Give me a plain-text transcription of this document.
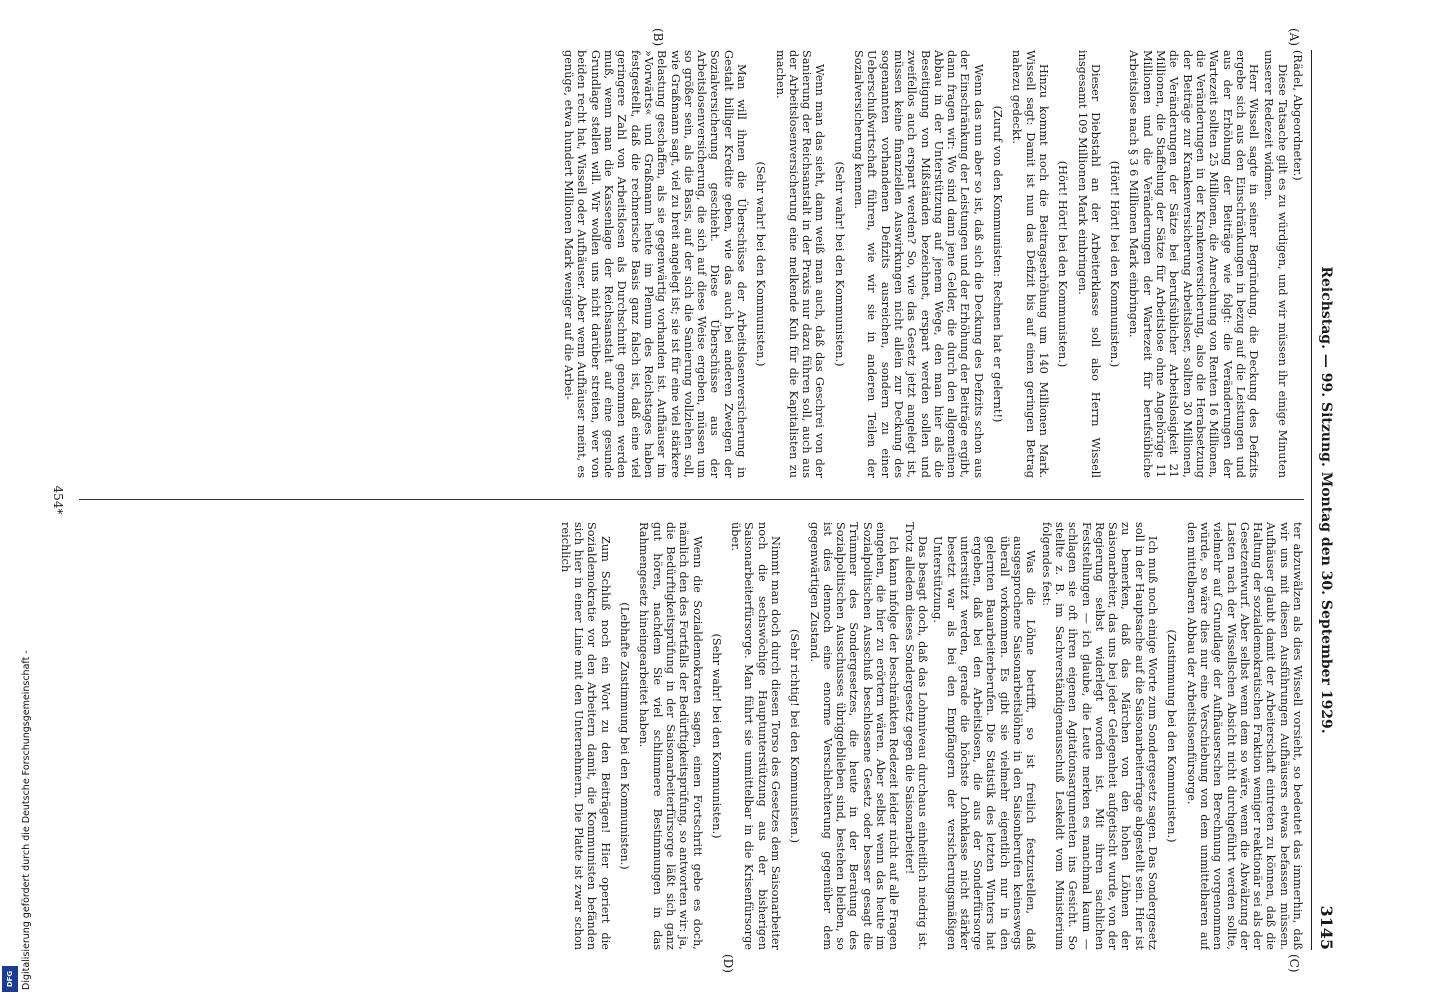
Reichstag. — 99. Sitzung. Montag den 30. September 1929.
3145
(A)
(B)
(C)
(D)

(Rädel, Abgeordneter.)

Diese Tatsache gilt es zu würdigen, und wir müssen ihr einige Minuten unserer Redezeit widmen.

Herr Wissell sagte in seiner Begründung, die Deckung des Defizits ergebe sich aus den Einschränkungen in bezug auf die Leistungen und aus der Erhöhung der Beiträge wie folgt: die Veränderungen der Wartezeit sollten 25 Millionen, die Anrechnung von Renten 16 Millionen, die Veränderungen in der Krankenversicherung, also die Herabsetzung der Beiträge zur Krankenversicherung Arbeitsloser, sollten 30 Millionen, die Veränderungen der Sätze bei berufsüblicher Arbeitslosigkeit 21 Millionen, die Staffelung der Sätze für Arbeitslose ohne Angehörige 11 Millionen und die Veränderungen der Wartezeit für berufsübliche Arbeitslose nach § 3 6 Millionen Mark einbringen.

(Hört! Hört! bei den Kommunisten.)

Dieser Diebstahl an der Arbeiterklasse soll also Herrn Wissell insgesamt 109 Millionen Mark einbringen.

(Hört! Hört! bei den Kommunisten.)

Hinzu kommt noch die Beitragserhöhung um 140 Millionen Mark. Wissell sagt: Damit ist nun das Defizit bis auf einen geringen Betrag nahezu gedeckt.

(Zuruf von den Kommunisten: Rechnen hat er gelernt!)

Wenn das nun aber so ist, daß sich die Deckung des Defizits schon aus der Einschränkung der Leistungen und der Erhöhung der Beiträge ergibt, dann fragen wir: Wo sind dann jene Gelder, die durch den allgemeinen Abbau in der Unterstützung auf jenem Wege, den man hier als die Beseitigung von Mißständen bezeichnet, erspart werden sollen und zweifellos auch erspart werden? So, wie das Gesetz jetzt angelegt ist, müssen keine finanziellen Auswirkungen nicht allein zur Deckung des sogenannten vorhandenen Defizits ausreichen, sondern zu einer Ueberschußwirtschaft führen, wie wir sie in anderen Teilen der Sozialversicherung kennen.

(Sehr wahr! bei den Kommunisten.)

Wenn man das sieht, dann weiß man auch, daß das Geschrei von der Sanierung der Reichsanstalt in der Praxis nur dazu führen soll, auch aus der Arbeitslosenversicherung eine melkende Kuh für die Kapitalisten zu machen.

(Sehr wahr! bei den Kommunisten.)

Man will ihnen die Überschüsse der Arbeitslosenversicherung in Gestalt billiger Kredite geben, wie das auch bei anderen Zweigen der Sozialversicherung geschieht. Diese Überschüsse aus der Arbeitslosenversicherung, die sich auf diese Weise ergeben, müssen um so größer sein, als die Basis, auf der sich die Sanierung vollziehen soll, wie Graßmann sagt, viel zu breit angelegt ist; sie ist für eine viel stärkere Belastung geschaffen, als sie gegenwärtig vorhanden ist. Aufhäuser im »Vorwärts« und Graßmann heute im Plenum des Reichstages haben festgestellt, daß die rechnerische Basis ganz falsch ist, daß eine viel geringere Zahl von Arbeitslosen als Durchschnitt genommen werden muß, wenn man die Kassenlage der Reichsanstalt auf eine gesunde Grundlage stellen will. Wir wollen uns nicht darüber streiten, wer von beiden recht hat, Wissell oder Aufhäuser. Aber wenn Aufhäuser meint, es genüge, etwa hundert Millionen Mark weniger auf die Arbei-

ter abzuwälzen als dies Wissell vorsieht, so bedeutet das immerhin, daß wir uns mit diesen Ausführungen Aufhäusers etwas befassen müssen. Aufhäuser glaubt damit der Arbeiterschaft eintreten zu können, daß die Haltung der sozialdemokratischen Fraktion weniger reaktionär sei als der Gesetzentwurf. Aber selbst wenn dem so wäre, wenn die Abwälzung der Lasten nach der Wissellschen Absicht nicht durchgeführt werden sollte, vielmehr auf Grundlage der Aufhäuserschen Berechnung vorgenommen würde, so wäre dies nur eine Verschiebung von dem unmittelbaren auf den mittelbaren Abbau der Arbeitslosenfürsorge.

(Zustimmung bei den Kommunisten.)

Ich muß noch einige Worte zum Sondergesetz sagen. Das Sondergesetz soll in der Hauptsache auf die Saisonarbeiterfrage abgestellt sein. Hier ist zu bemerken, daß das Märchen von den hohen Löhnen der Saisonarbeiter, das uns bei jeder Gelegenheit aufgetischt wurde, von der Regierung selbst widerlegt worden ist. Mit ihren sachlichen Feststellungen — ich glaube, die Leute merken es manchmal kaum — schlagen sie oft ihren eigenen Agitationsargumenten ins Gesicht. So stellte z. B. im Sachverständigenausschuß Leskeldt vom Ministerium folgendes fest:

Was die Löhne betrifft, so ist freilich festzustellen, daß ausgesprochene Saisonarbeitslöhne in den Saisonberufen keineswegs überall vorkommen. Es gibt sie vielmehr eigentlich nur in den gelernten Bauarbeiterberufen. Die Statistik des letzten Winters hat ergeben, daß bei den Arbeitslosen, die aus der Sonderfürsorge unterstützt werden, gerade die höchste Lohnklasse nicht stärker besetzt war als bei den Empfängern der versicherungsmäßigen Unterstützung.

Das besagt doch, daß das Lohnniveau durchaus einheitlich niedrig ist. Trotz alledem dieses Sondergesetz gegen die Saisonarbeiter!

Ich kann infolge der beschränkten Redezeit leider nicht auf alle Fragen eingehen, die hier zu erörtern wären. Aber selbst wenn das heute im Sozialpolitischen Ausschuß beschlossene Gesetz oder besser gesagt die Trümmer des Sondergesetzes, die heute in der Beratung des Sozialpolitischen Ausschusses übriggeblieben sind, bestehen bleiben, so ist dies dennoch eine enorme Verschlechterung gegenüber dem gegenwärtigen Zustand.

(Sehr richtig! bei den Kommunisten.)

Nimmt man doch durch diesen Torso des Gesetzes dem Saisonarbeiter noch die sechswöchige Hauptunterstützung aus der bisherigen Saisonarbeiterfürsorge. Man führt sie unmittelbar in die Krisenfürsorge über.

(Sehr wahr! bei den Kommunisten.)

Wenn die Sozialdemokraten sagen, einen Fortschritt gebe es doch, nämlich den des Fortfalls der Bedürftigkeitsprüfung, so antworten wir: ja, die Bedürftigkeitsprüfung in der Saisonarbeiterfürsorge läßt sich ganz gut hören, nachdem Sie viel schlimmere Bestimmungen in das Rahmengesetz hineingearbeitet haben.

(Lebhafte Zustimmung bei den Kommunisten.)

Zum Schluß noch ein Wort zu den Beiträgen! Hier operiert die Sozialdemokratie vor den Arbeitern damit, die Kommunisten befänden sich hier in einer Linie mit den Unternehmern. Die Platte ist zwar schon reichlich

454*
Digitalisierung gefördert durch die Deutsche Forschungsgemeinschaft -
DFG
